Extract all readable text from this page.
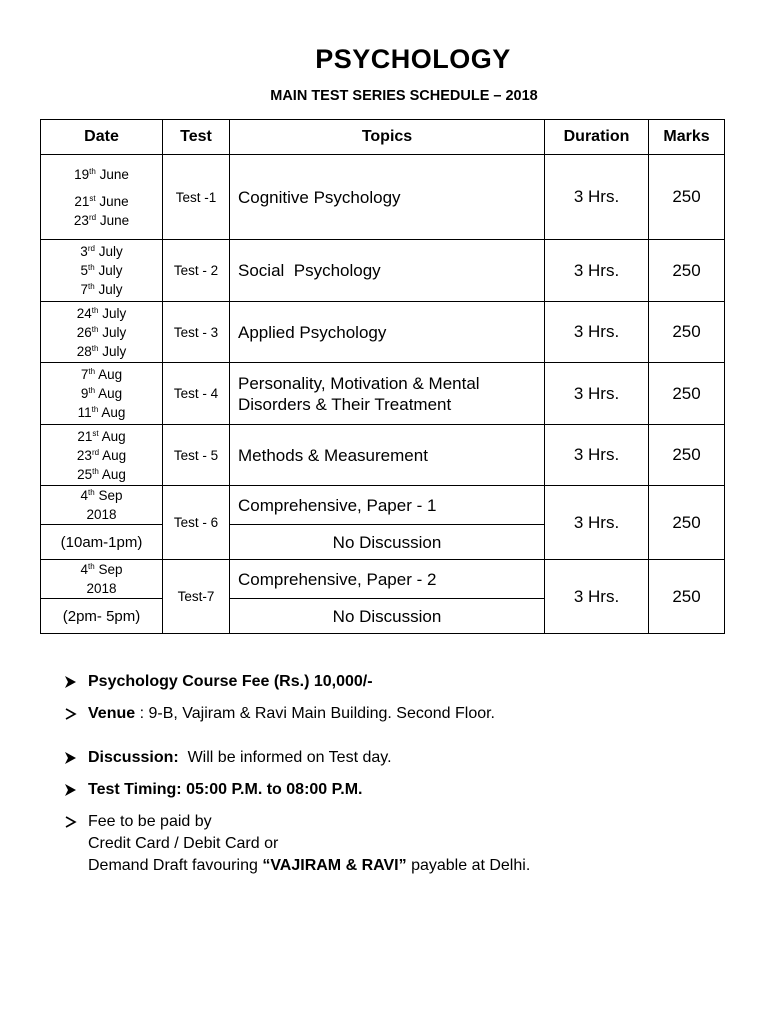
PSYCHOLOGY
MAIN TEST SERIES SCHEDULE – 2018
Date	Test	Topics	Duration	Marks

19th June
21st June
23rd June	Test -1	Cognitive Psychology	3 Hrs.	250

3rd July
5th July
7th July	Test - 2	Social  Psychology	3 Hrs.	250

24th July
26th July
28th July	Test - 3	Applied Psychology	3 Hrs.	250

7th Aug
9th Aug
11th Aug	Test - 4	Personality, Motivation & Mental Disorders & Their Treatment	3 Hrs.	250

21st Aug
23rd Aug
25th Aug	Test - 5	Methods & Measurement	3 Hrs.	250

4th Sep
2018	Test - 6	Comprehensive, Paper - 1	3 Hrs.	250
(10am-1pm)		No Discussion		

4th Sep
2018	Test-7	Comprehensive, Paper - 2	3 Hrs.	250
(2pm- 5pm)		No Discussion		
Psychology Course Fee (Rs.) 10,000/-
Venue : 9-B, Vajiram & Ravi Main Building. Second Floor.
Discussion:  Will be informed on Test day.
Test Timing: 05:00 P.M. to 08:00 P.M.
Fee to be paid by
Credit Card / Debit Card or
Demand Draft favouring “VAJIRAM & RAVI” payable at Delhi.
